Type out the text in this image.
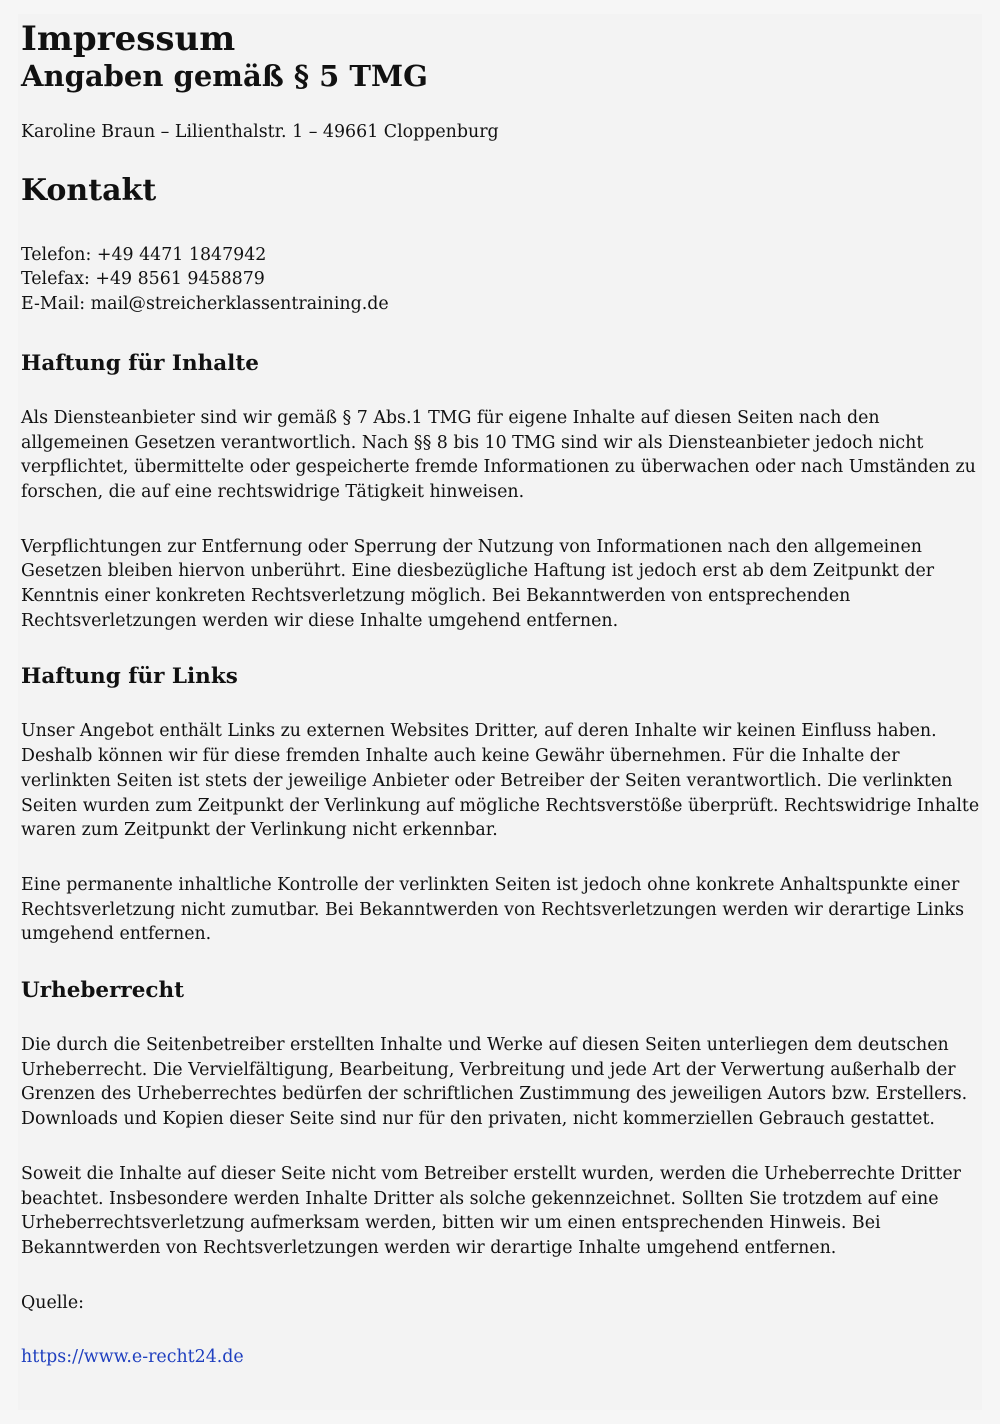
Impressum
Angaben gemäß § 5 TMG

Karoline Braun – Lilienthalstr. 1 – 49661 Cloppenburg

Kontakt

Telefon: +49 4471 1847942
Telefax: +49 8561 9458879
E-Mail: mail@streicherklassentraining.de

Haftung für Inhalte

Als Diensteanbieter sind wir gemäß § 7 Abs.1 TMG für eigene Inhalte auf diesen Seiten nach den allgemeinen Gesetzen verantwortlich. Nach §§ 8 bis 10 TMG sind wir als Diensteanbieter jedoch nicht verpflichtet, übermittelte oder gespeicherte fremde Informationen zu überwachen oder nach Umständen zu forschen, die auf eine rechtswidrige Tätigkeit hinweisen.

Verpflichtungen zur Entfernung oder Sperrung der Nutzung von Informationen nach den allgemeinen Gesetzen bleiben hiervon unberührt. Eine diesbezügliche Haftung ist jedoch erst ab dem Zeitpunkt der Kenntnis einer konkreten Rechtsverletzung möglich. Bei Bekanntwerden von entsprechenden Rechtsverletzungen werden wir diese Inhalte umgehend entfernen.

Haftung für Links

Unser Angebot enthält Links zu externen Websites Dritter, auf deren Inhalte wir keinen Einfluss haben. Deshalb können wir für diese fremden Inhalte auch keine Gewähr übernehmen. Für die Inhalte der verlinkten Seiten ist stets der jeweilige Anbieter oder Betreiber der Seiten verantwortlich. Die verlinkten Seiten wurden zum Zeitpunkt der Verlinkung auf mögliche Rechtsverstöße überprüft. Rechtswidrige Inhalte waren zum Zeitpunkt der Verlinkung nicht erkennbar.

Eine permanente inhaltliche Kontrolle der verlinkten Seiten ist jedoch ohne konkrete Anhaltspunkte einer Rechtsverletzung nicht zumutbar. Bei Bekanntwerden von Rechtsverletzungen werden wir derartige Links umgehend entfernen.

Urheberrecht

Die durch die Seitenbetreiber erstellten Inhalte und Werke auf diesen Seiten unterliegen dem deutschen Urheberrecht. Die Vervielfältigung, Bearbeitung, Verbreitung und jede Art der Verwertung außerhalb der Grenzen des Urheberrechtes bedürfen der schriftlichen Zustimmung des jeweiligen Autors bzw. Erstellers. Downloads und Kopien dieser Seite sind nur für den privaten, nicht kommerziellen Gebrauch gestattet.

Soweit die Inhalte auf dieser Seite nicht vom Betreiber erstellt wurden, werden die Urheberrechte Dritter beachtet. Insbesondere werden Inhalte Dritter als solche gekennzeichnet. Sollten Sie trotzdem auf eine Urheberrechtsverletzung aufmerksam werden, bitten wir um einen entsprechenden Hinweis. Bei Bekanntwerden von Rechtsverletzungen werden wir derartige Inhalte umgehend entfernen.

Quelle:

https://www.e-recht24.de
